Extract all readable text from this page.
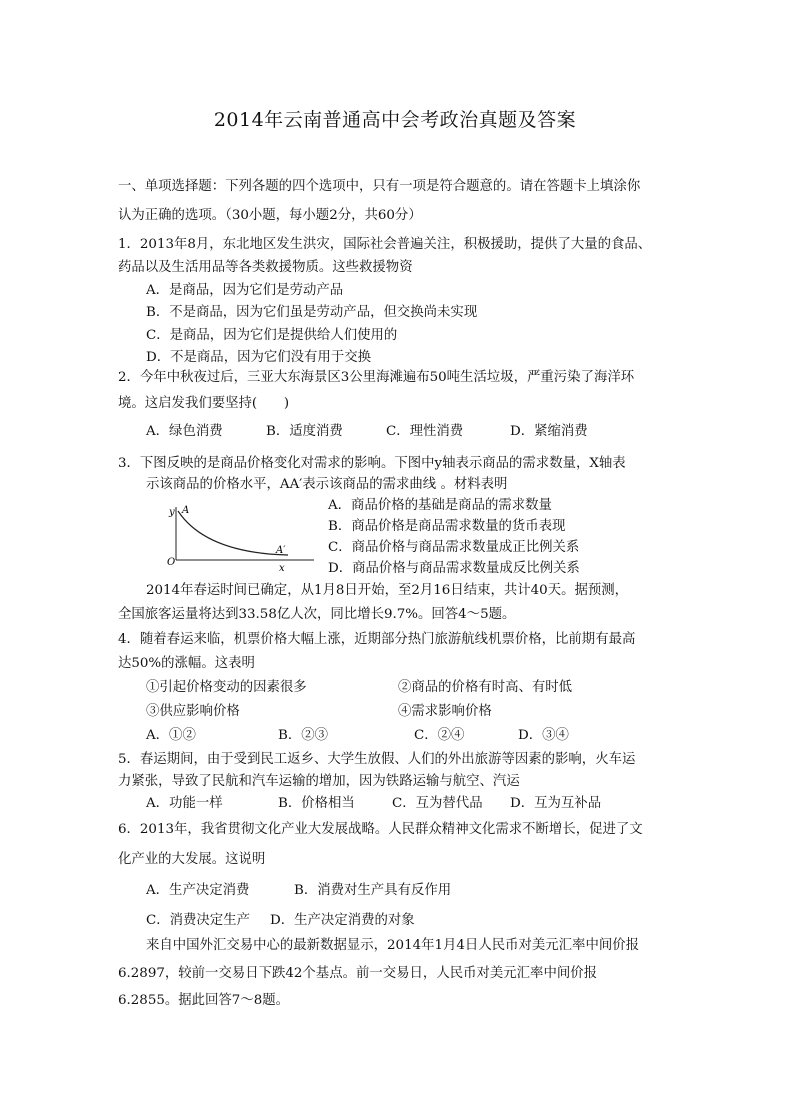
2014年云南普通高中会考政治真题及答案
一、单项选择题：下列各题的四个选项中，只有一项是符合题意的。请在答题卡上填涂你
认为正确的选项。（30小题，每小题2分，共60分）
1．2013年8月，东北地区发生洪灾，国际社会普遍关注，积极援助，提供了大量的食品、
药品以及生活用品等各类救援物质。这些救援物资
A．是商品，因为它们是劳动产品
B．不是商品，因为它们虽是劳动产品，但交换尚未实现
C．是商品，因为它们是提供给人们使用的
D．不是商品，因为它们没有用于交换
2．今年中秋夜过后，三亚大东海景区3公里海滩遍布50吨生活垃圾，严重污染了海洋环
境。这启发我们要坚持(　　)
A．绿色消费	B．适度消费	C．理性消费	D．紧缩消费
3．下图反映的是商品价格变化对需求的影响。下图中y轴表示商品的需求数量，X轴表
示该商品的价格水平，AA′表示该商品的需求曲线 。材料表明
y A
O
A′
x
A．商品价格的基础是商品的需求数量
B．商品价格是商品需求数量的货币表现
C．商品价格与商品需求数量成正比例关系
D．商品价格与商品需求数量成反比例关系
2014年春运时间已确定，从1月8日开始，至2月16日结束，共计40天。据预测，
全国旅客运量将达到33.58亿人次，同比增长9.7%。回答4～5题。
4．随着春运来临，机票价格大幅上涨，近期部分热门旅游航线机票价格，比前期有最高
达50%的涨幅。这表明
①引起价格变动的因素很多	②商品的价格有时高、有时低
③供应影响价格	④需求影响价格
A．①②	B．②③	C．②④	D．③④
5．春运期间，由于受到民工返乡、大学生放假、人们的外出旅游等因素的影响，火车运
力紧张，导致了民航和汽车运输的增加，因为铁路运输与航空、汽运
A．功能一样	B．价格相当	C．互为替代品 D．互为互补品
6．2013年，我省贯彻文化产业大发展战略。人民群众精神文化需求不断增长，促进了文
化产业的大发展。这说明
A．生产决定消费	B．消费对生产具有反作用
C．消费决定生产 D．生产决定消费的对象
来自中国外汇交易中心的最新数据显示，2014年1月4日人民币对美元汇率中间价报
6.2897，较前一交易日下跌42个基点。前一交易日，人民币对美元汇率中间价报
6.2855。据此回答7～8题。
